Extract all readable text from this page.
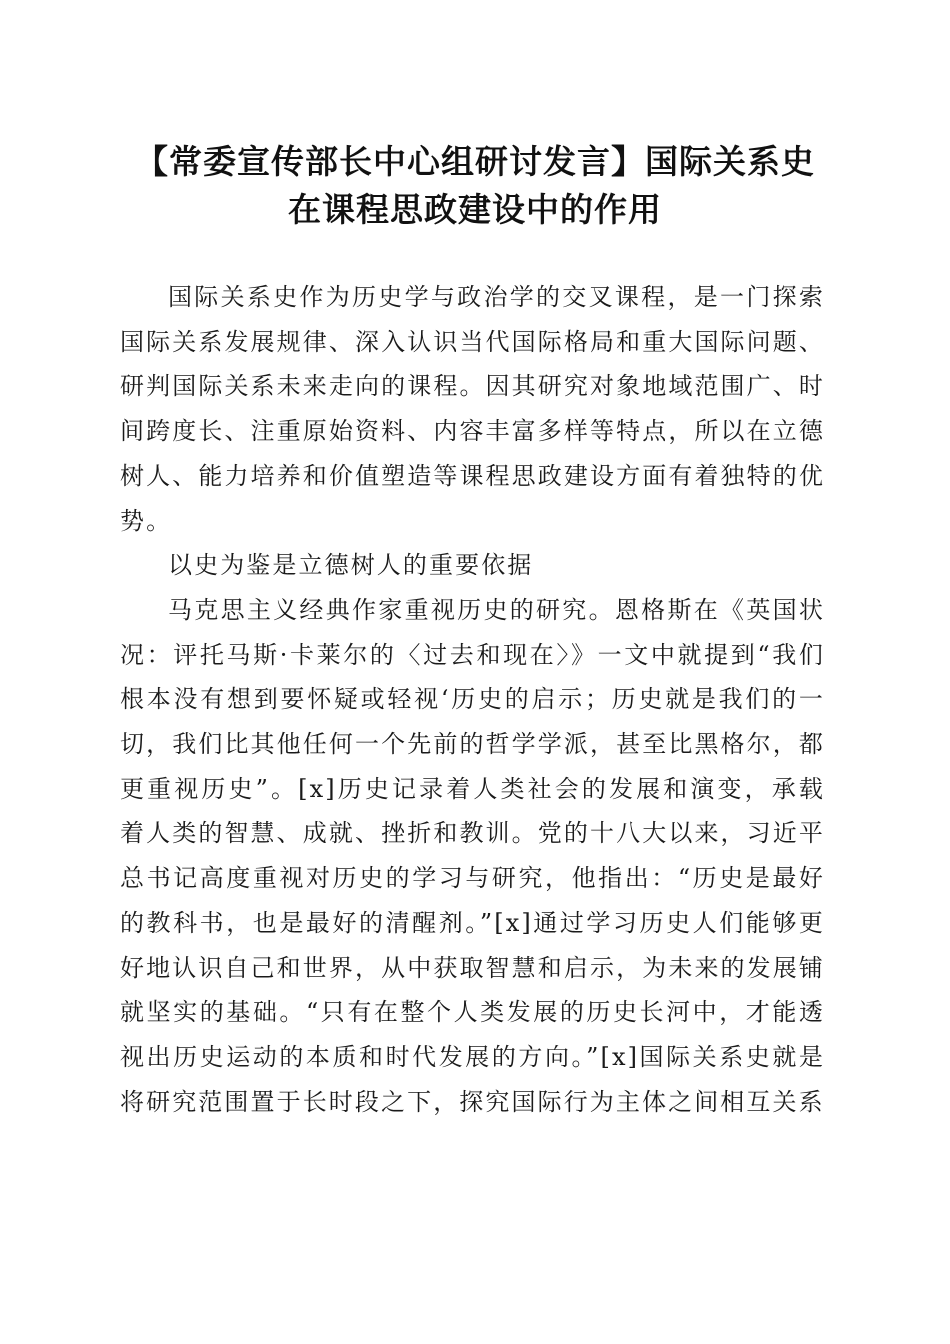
【常委宣传部长中心组研讨发言】国际关系史
在课程思政建设中的作用

国际关系史作为历史学与政治学的交叉课程，是一门探索国际关系发展规律、深入认识当代国际格局和重大国际问题、研判国际关系未来走向的课程。因其研究对象地域范围广、时间跨度长、注重原始资料、内容丰富多样等特点，所以在立德树人、能力培养和价值塑造等课程思政建设方面有着独特的优势。

以史为鉴是立德树人的重要依据

马克思主义经典作家重视历史的研究。恩格斯在《英国状况：评托马斯·卡莱尔的〈过去和现在〉》一文中就提到“我们根本没有想到要怀疑或轻视‘历史的启示；历史就是我们的一切，我们比其他任何一个先前的哲学学派，甚至比黑格尔，都更重视历史”。[x]历史记录着人类社会的发展和演变，承载着人类的智慧、成就、挫折和教训。党的十八大以来，习近平总书记高度重视对历史的学习与研究，他指出：“历史是最好的教科书，也是最好的清醒剂。”[x]通过学习历史人们能够更好地认识自己和世界，从中获取智慧和启示，为未来的发展铺就坚实的基础。“只有在整个人类发展的历史长河中，才能透视出历史运动的本质和时代发展的方向。”[x]国际关系史就是将研究范围置于长时段之下，探究国际行为主体之间相互关系
